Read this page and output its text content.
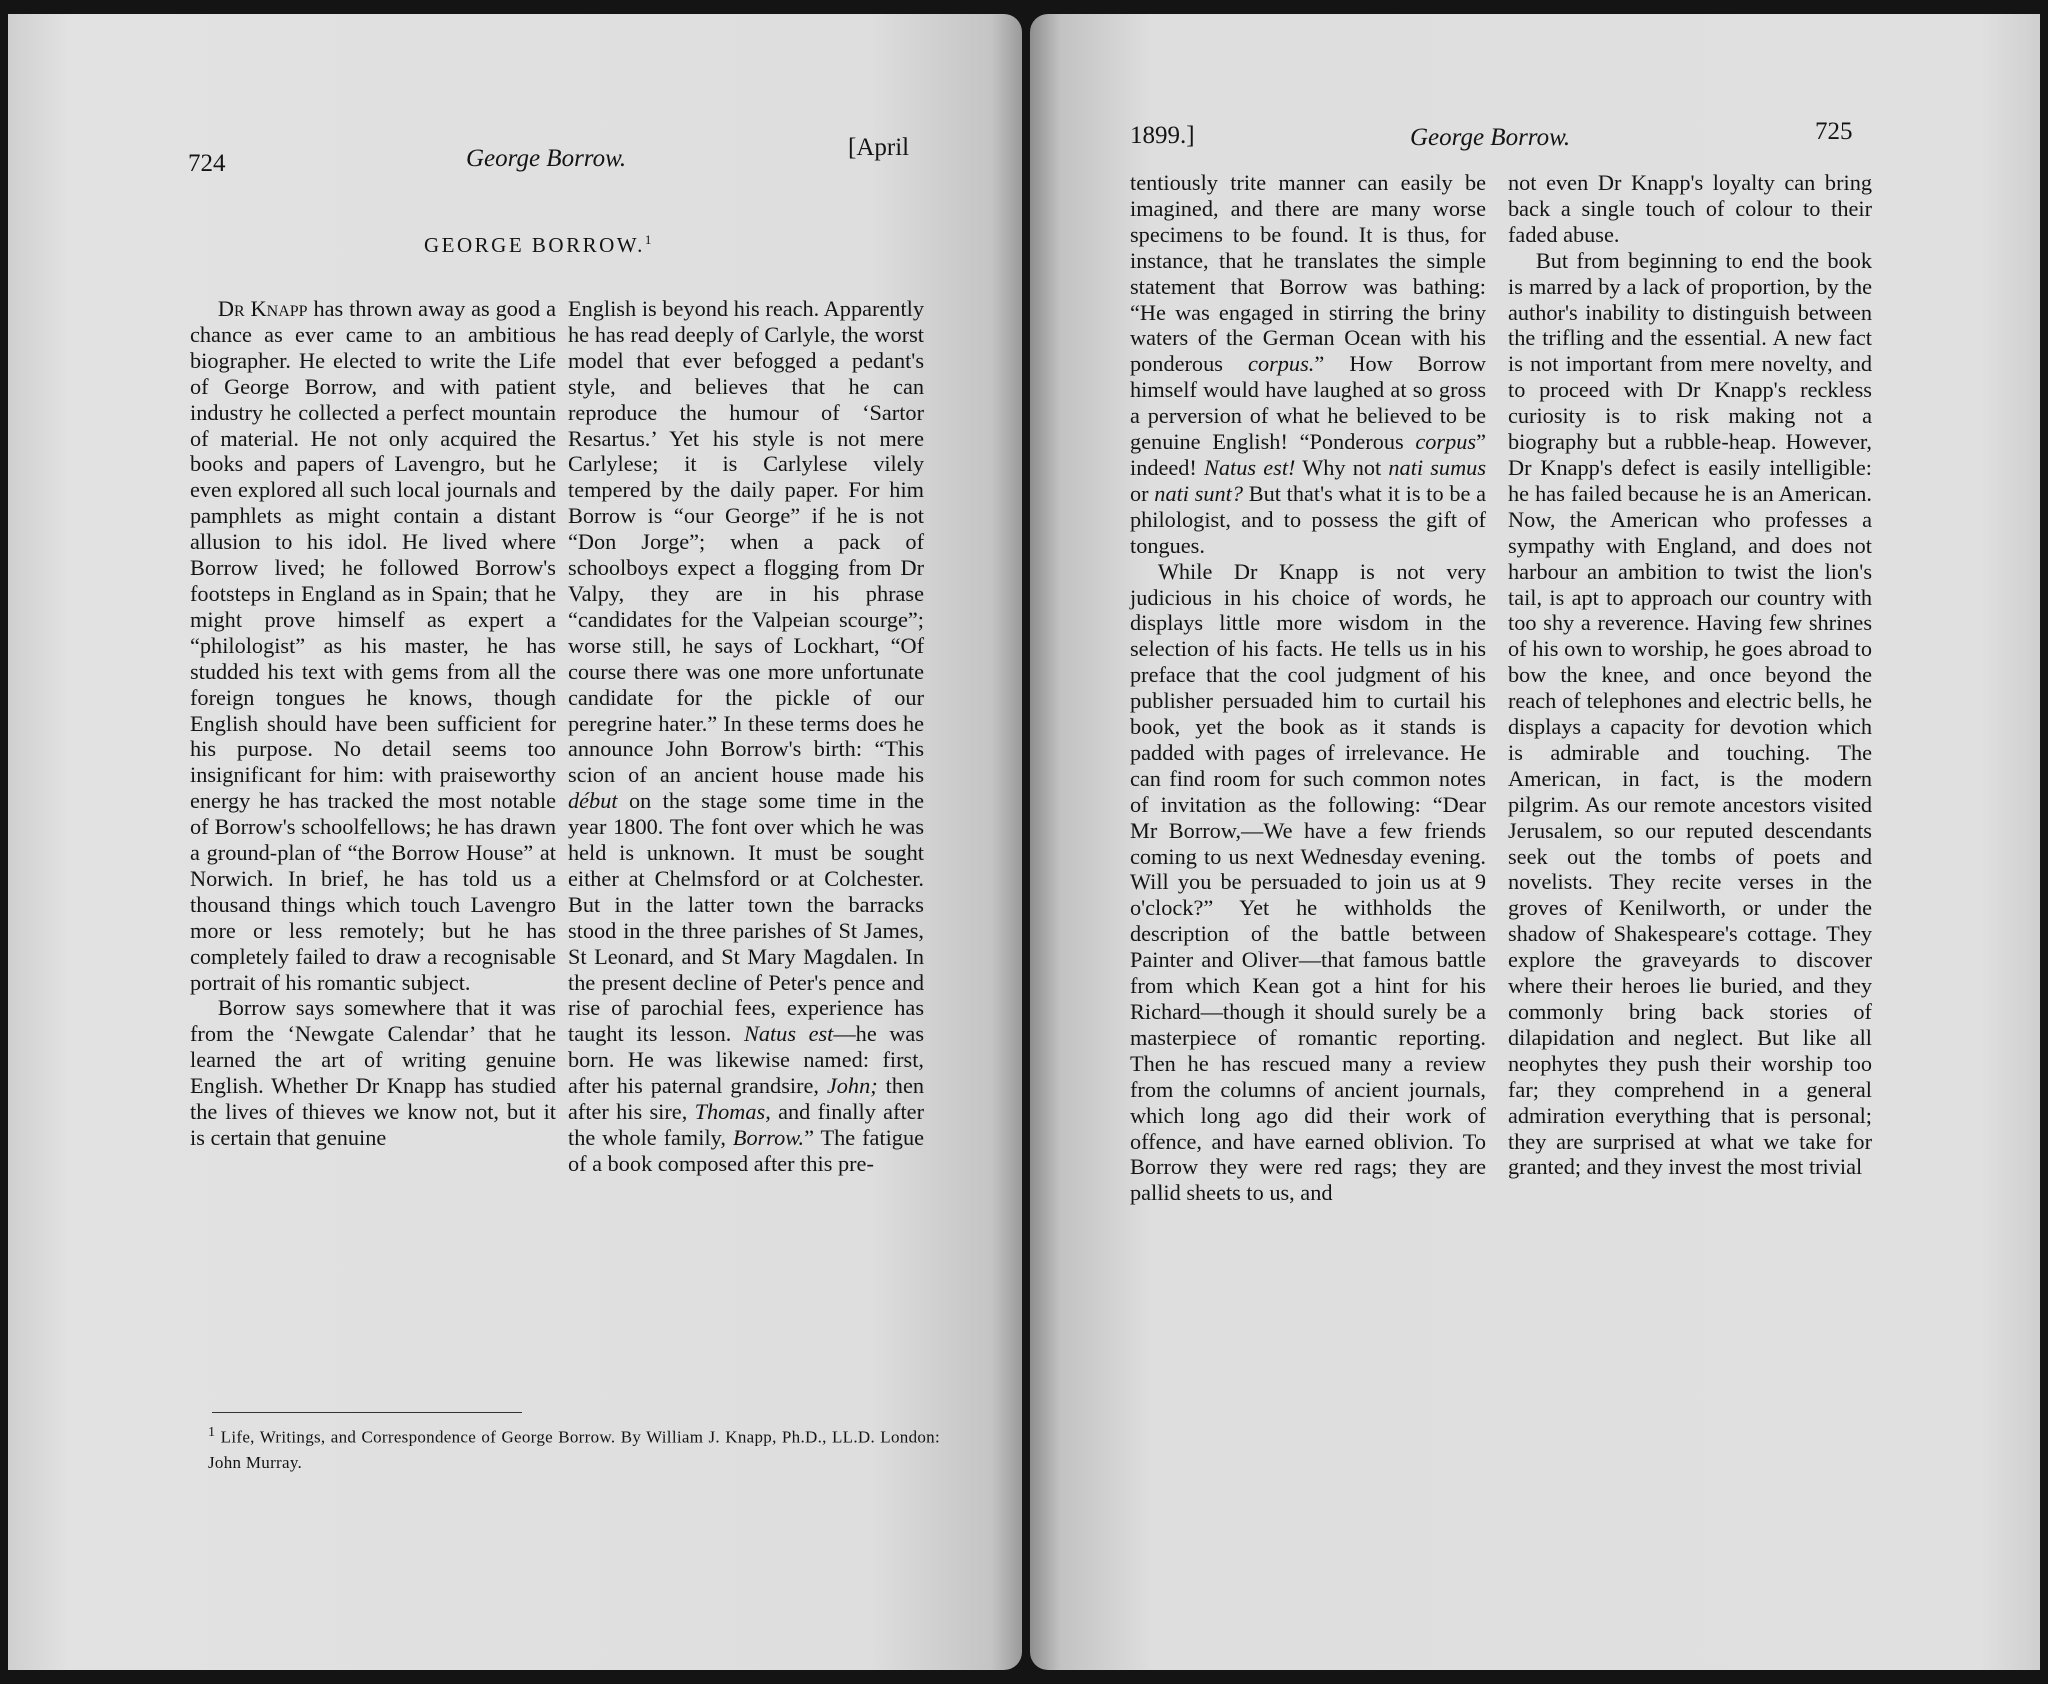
724	George Borrow.	[April
GEORGE BORROW.$^1$

Dr Knapp has thrown away as good a chance as ever came to an ambitious biographer. He elected to write the Life of George Borrow, and with patient industry he collected a perfect mountain of material. He not only acquired the books and papers of Lavengro, but he even explored all such local journals and pamphlets as might contain a distant allusion to his idol. He lived where Borrow lived; he followed Borrow's footsteps in England as in Spain; that he might prove himself as expert a “philologist” as his master, he has studded his text with gems from all the foreign tongues he knows, though English should have been sufficient for his purpose. No detail seems too insignificant for him: with praiseworthy energy he has tracked the most notable of Borrow's schoolfellows; he has drawn a ground-plan of “the Borrow House” at Norwich. In brief, he has told us a thousand things which touch Lavengro more or less remotely; but he has completely failed to draw a recognisable portrait of his romantic subject.

Borrow says somewhere that it was from the ‘Newgate Calendar’ that he learned the art of writing genuine English. Whether Dr Knapp has studied the lives of thieves we know not, but it is certain that genuine

English is beyond his reach. Apparently he has read deeply of Carlyle, the worst model that ever befogged a pedant's style, and believes that he can reproduce the humour of ‘Sartor Resartus.’ Yet his style is not mere Carlylese; it is Carlylese vilely tempered by the daily paper. For him Borrow is “our George” if he is not “Don Jorge”; when a pack of schoolboys expect a flogging from Dr Valpy, they are in his phrase “candidates for the Valpeian scourge”; worse still, he says of Lockhart, “Of course there was one more unfortunate candidate for the pickle of our peregrine hater.” In these terms does he announce John Borrow's birth: “This scion of an ancient house made his début on the stage some time in the year 1800. The font over which he was held is unknown. It must be sought either at Chelmsford or at Colchester. But in the latter town the barracks stood in the three parishes of St James, St Leonard, and St Mary Magdalen. In the present decline of Peter's pence and rise of parochial fees, experience has taught its lesson. Natus est—he was born. He was likewise named: first, after his paternal grandsire, John; then after his sire, Thomas, and finally after the whole family, Borrow.” The fatigue of a book composed after this pre-

$^1$ Life, Writings, and Correspondence of George Borrow. By William J. Knapp, Ph.D., LL.D. London: John Murray.

1899.]	George Borrow.	725

tentiously trite manner can easily be imagined, and there are many worse specimens to be found. It is thus, for instance, that he translates the simple statement that Borrow was bathing: “He was engaged in stirring the briny waters of the German Ocean with his ponderous corpus.” How Borrow himself would have laughed at so gross a perversion of what he believed to be genuine English! “Ponderous corpus” indeed! Natus est! Why not nati sumus or nati sunt? But that's what it is to be a philologist, and to possess the gift of tongues.

While Dr Knapp is not very judicious in his choice of words, he displays little more wisdom in the selection of his facts. He tells us in his preface that the cool judgment of his publisher persuaded him to curtail his book, yet the book as it stands is padded with pages of irrelevance. He can find room for such common notes of invitation as the following: “Dear Mr Borrow,—We have a few friends coming to us next Wednesday evening. Will you be persuaded to join us at 9 o'clock?” Yet he withholds the description of the battle between Painter and Oliver—that famous battle from which Kean got a hint for his Richard—though it should surely be a masterpiece of romantic reporting. Then he has rescued many a review from the columns of ancient journals, which long ago did their work of offence, and have earned oblivion. To Borrow they were red rags; they are pallid sheets to us, and

not even Dr Knapp's loyalty can bring back a single touch of colour to their faded abuse.

But from beginning to end the book is marred by a lack of proportion, by the author's inability to distinguish between the trifling and the essential. A new fact is not important from mere novelty, and to proceed with Dr Knapp's reckless curiosity is to risk making not a biography but a rubble-heap. However, Dr Knapp's defect is easily intelligible: he has failed because he is an American. Now, the American who professes a sympathy with England, and does not harbour an ambition to twist the lion's tail, is apt to approach our country with too shy a reverence. Having few shrines of his own to worship, he goes abroad to bow the knee, and once beyond the reach of telephones and electric bells, he displays a capacity for devotion which is admirable and touching. The American, in fact, is the modern pilgrim. As our remote ancestors visited Jerusalem, so our reputed descendants seek out the tombs of poets and novelists. They recite verses in the groves of Kenilworth, or under the shadow of Shakespeare's cottage. They explore the graveyards to discover where their heroes lie buried, and they commonly bring back stories of dilapidation and neglect. But like all neophytes they push their worship too far; they comprehend in a general admiration everything that is personal; they are surprised at what we take for granted; and they invest the most trivial
